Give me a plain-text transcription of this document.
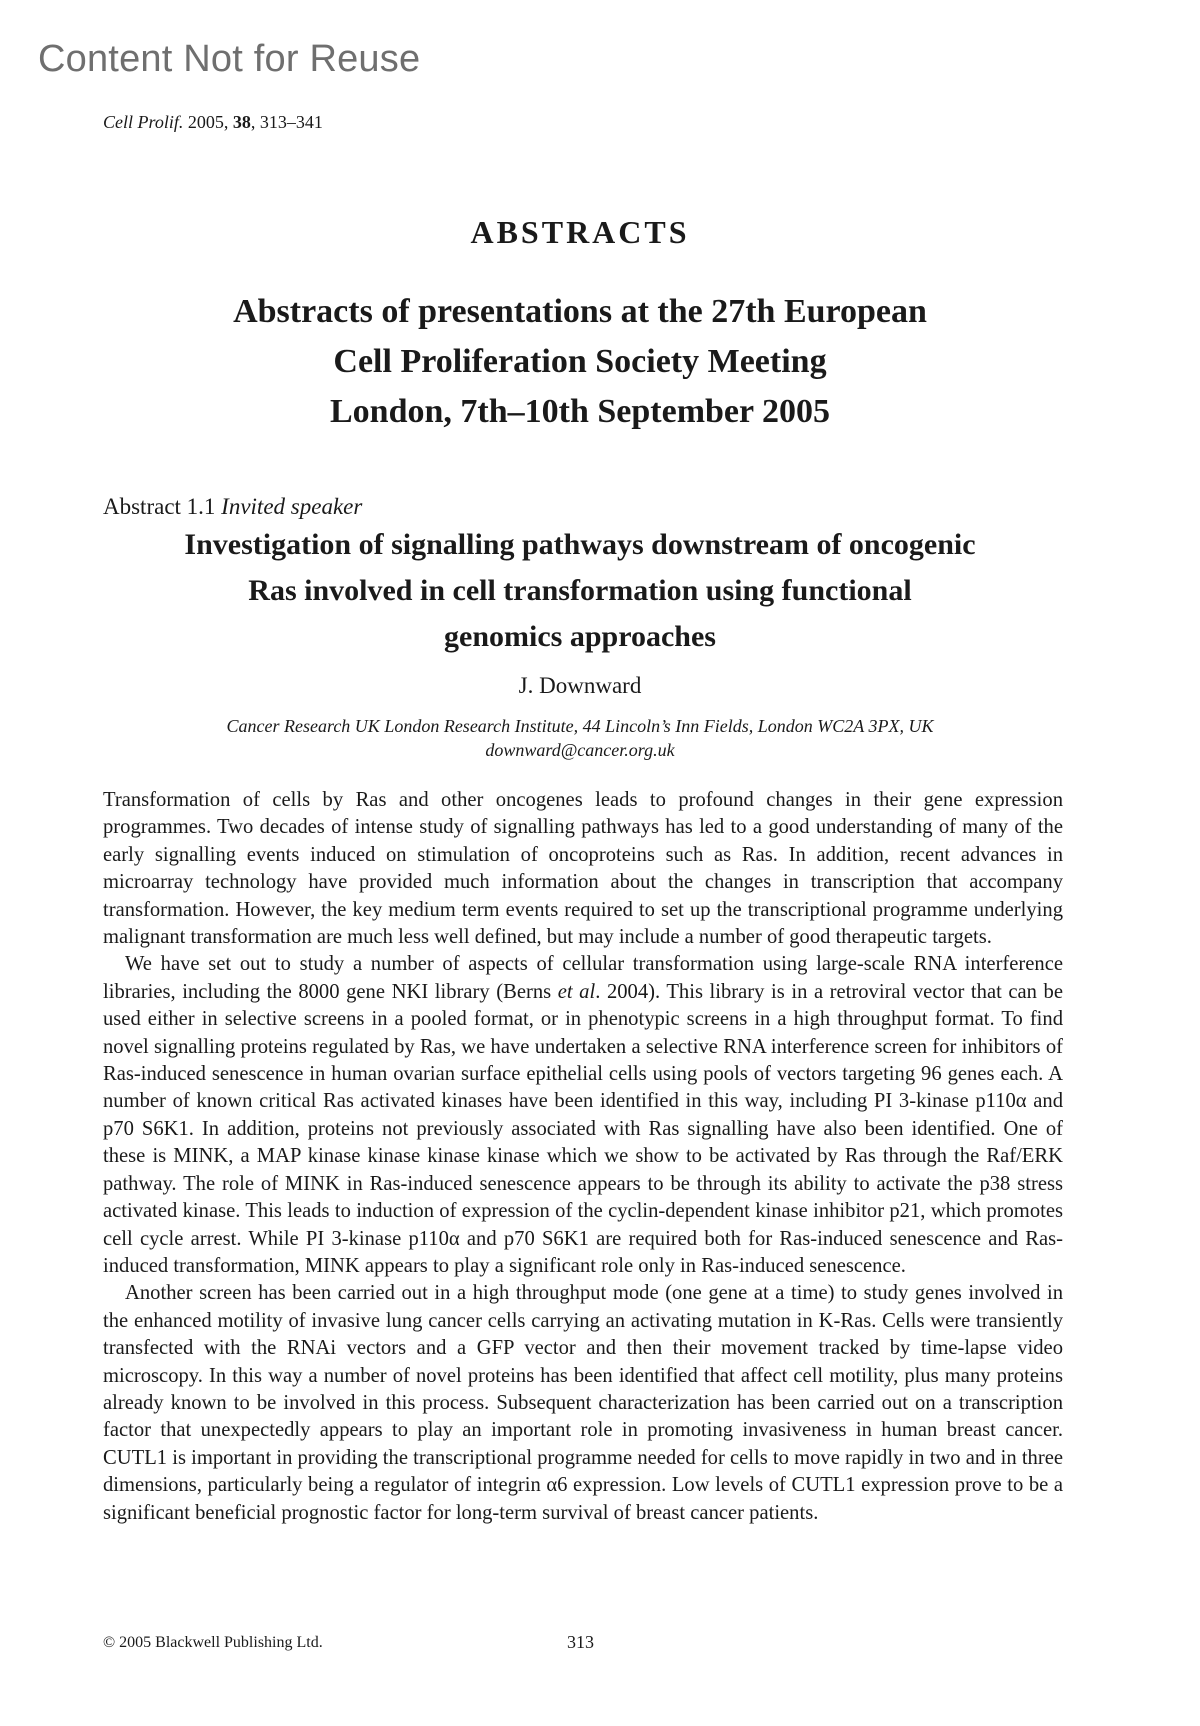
Content Not for Reuse
Cell Prolif. 2005, 38, 313–341
ABSTRACTS
Abstracts of presentations at the 27th European
Cell Proliferation Society Meeting
London, 7th–10th September 2005
Abstract 1.1 Invited speaker
Investigation of signalling pathways downstream of oncogenic
Ras involved in cell transformation using functional
genomics approaches
J. Downward
Cancer Research UK London Research Institute, 44 Lincoln’s Inn Fields, London WC2A 3PX, UK
downward@cancer.org.uk

Transformation of cells by Ras and other oncogenes leads to profound changes in their gene expression programmes. Two decades of intense study of signalling pathways has led to a good understanding of many of the early signalling events induced on stimulation of oncoproteins such as Ras. In addition, recent advances in microarray technology have provided much information about the changes in transcription that accompany transformation. However, the key medium term events required to set up the transcriptional programme underlying malignant transformation are much less well defined, but may include a number of good therapeutic targets.

We have set out to study a number of aspects of cellular transformation using large-scale RNA interference libraries, including the 8000 gene NKI library (Berns et al. 2004). This library is in a retroviral vector that can be used either in selective screens in a pooled format, or in phenotypic screens in a high throughput format. To find novel signalling proteins regulated by Ras, we have undertaken a selective RNA interference screen for inhibitors of Ras-induced senescence in human ovarian surface epithelial cells using pools of vectors targeting 96 genes each. A number of known critical Ras activated kinases have been identified in this way, including PI 3-kinase p110α and p70 S6K1. In addition, proteins not previously associated with Ras signalling have also been identified. One of these is MINK, a MAP kinase kinase kinase kinase which we show to be activated by Ras through the Raf/ERK pathway. The role of MINK in Ras-induced senescence appears to be through its ability to activate the p38 stress activated kinase. This leads to induction of expression of the cyclin-dependent kinase inhibitor p21, which promotes cell cycle arrest. While PI 3-kinase p110α and p70 S6K1 are required both for Ras-induced senescence and Ras-induced transformation, MINK appears to play a significant role only in Ras-induced senescence.

Another screen has been carried out in a high throughput mode (one gene at a time) to study genes involved in the enhanced motility of invasive lung cancer cells carrying an activating mutation in K-Ras. Cells were transiently transfected with the RNAi vectors and a GFP vector and then their movement tracked by time-lapse video microscopy. In this way a number of novel proteins has been identified that affect cell motility, plus many proteins already known to be involved in this process. Subsequent characterization has been carried out on a transcription factor that unexpectedly appears to play an important role in promoting invasiveness in human breast cancer. CUTL1 is important in providing the transcriptional programme needed for cells to move rapidly in two and in three dimensions, particularly being a regulator of integrin α6 expression. Low levels of CUTL1 expression prove to be a significant beneficial prognostic factor for long-term survival of breast cancer patients.

© 2005 Blackwell Publishing Ltd.	313
